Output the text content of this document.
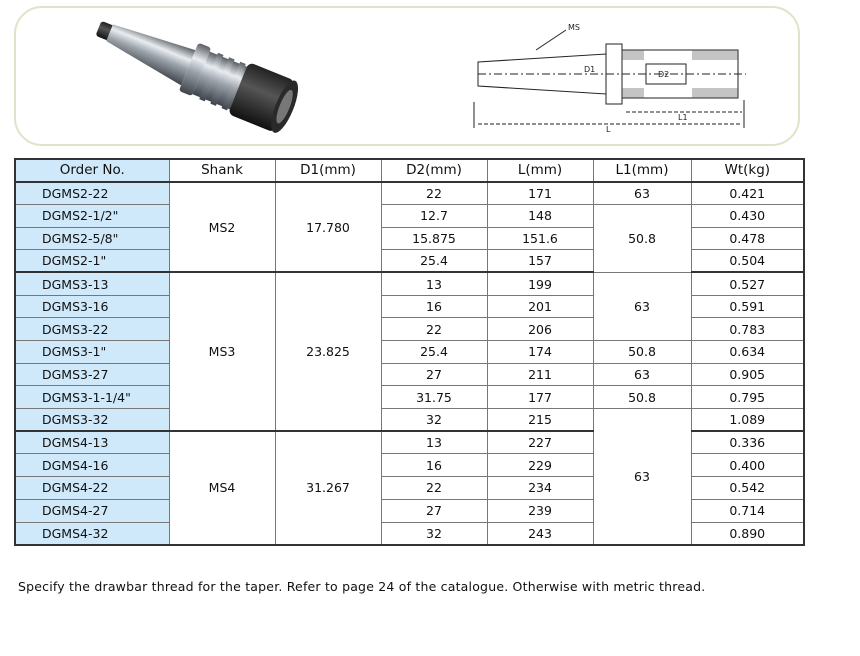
MS
D1
D2
L
L1
Order No.	Shank	D1(mm)	D2(mm)	L(mm)	L1(mm)	Wt(kg)
DGMS2-22	MS2	17.780	22	171	63	0.421
DGMS2-1/2"			12.7	148	50.8	0.430
DGMS2-5/8"			15.875	151.6		0.478
DGMS2-1"			25.4	157		0.504
DGMS3-13	MS3	23.825	13	199	63	0.527
DGMS3-16			16	201		0.591
DGMS3-22			22	206		0.783
DGMS3-1"			25.4	174	50.8	0.634
DGMS3-27			27	211	63	0.905
DGMS3-1-1/4"			31.75	177	50.8	0.795
DGMS3-32			32	215	63	1.089
DGMS4-13	MS4	31.267	13	227		0.336
DGMS4-16			16	229		0.400
DGMS4-22			22	234		0.542
DGMS4-27			27	239		0.714
DGMS4-32			32	243		0.890
Specify the drawbar thread for the taper. Refer to page 24 of the catalogue. Otherwise with metric thread.
